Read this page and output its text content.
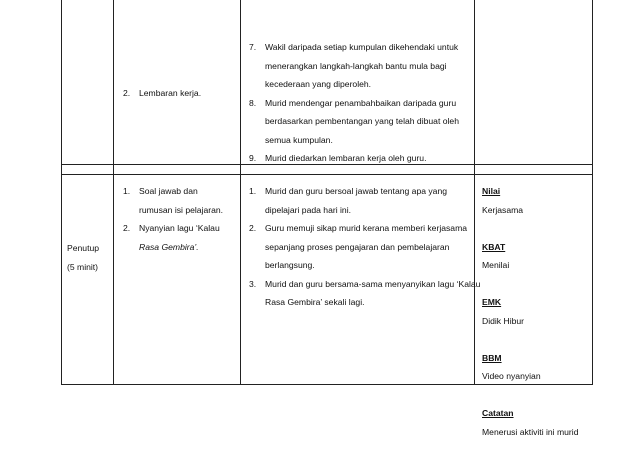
2. Lembaran kerja.
7. Wakil daripada setiap kumpulan dikehendaki untuk
menerangkan langkah-langkah bantu mula bagi
kecederaan yang diperoleh.
8. Murid mendengar penambahbaikan daripada guru
berdasarkan pembentangan yang telah dibuat oleh
semua kumpulan.
9. Murid diedarkan lembaran kerja oleh guru.
Penutup
(5 minit)
1. Soal jawab dan
rumusan isi pelajaran.
2. Nyanyian lagu ‘Kalau
Rasa Gembira’.
1. Murid dan guru bersoal jawab tentang apa yang
dipelajari pada hari ini.
2. Guru memuji sikap murid kerana memberi kerjasama
sepanjang proses pengajaran dan pembelajaran
berlangsung.
3. Murid dan guru bersama-sama menyanyikan lagu ‘Kalau
Rasa Gembira’ sekali lagi.
Nilai
Kerjasama
KBAT
Menilai
EMK
Didik Hibur
BBM
Video nyanyian
Catatan
Menerusi aktiviti ini murid
